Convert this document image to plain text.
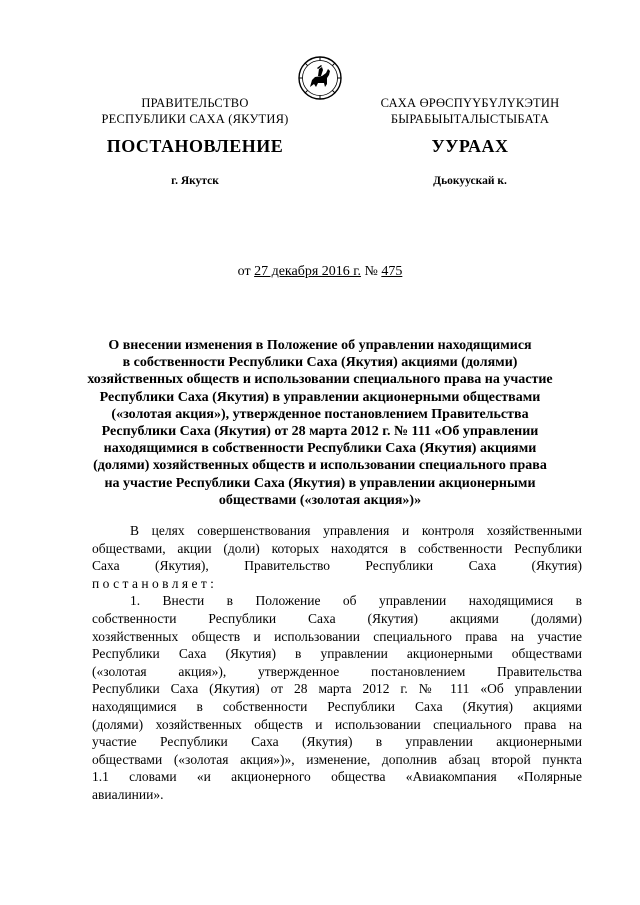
ПРАВИТЕЛЬСТВО
РЕСПУБЛИКИ САХА (ЯКУТИЯ)
ПОСТАНОВЛЕНИЕ
г. Якутск
САХА ӨРӨСПҮҮБҮЛҮКЭТИН
БЫРАБЫЫТАЛЫСТЫБАТА
УУРААХ
Дьокуускай к.
от 27 декабря 2016 г. № 475
О внесении изменения в Положение об управлении находящимися
в собственности Республики Саха (Якутия) акциями (долями)
хозяйственных обществ и использовании специального права на участие
Республики Саха (Якутия) в управлении акционерными обществами
(«золотая акция»), утвержденное постановлением Правительства
Республики Саха (Якутия) от 28 марта 2012 г. № 111 «Об управлении
находящимися в собственности Республики Саха (Якутия) акциями
(долями) хозяйственных обществ и использовании специального права
на участие Республики Саха (Якутия) в управлении акционерными
обществами («золотая акция»)»

В целях совершенствования управления и контроля хозяйственными

обществами, акции (доли) которых находятся в собственности Республики

Саха (Якутия), Правительство Республики Саха (Якутия)

постановляет:

1. Внести в Положение об управлении находящимися в

собственности Республики Саха (Якутия) акциями (долями)

хозяйственных обществ и использовании специального права на участие

Республики Саха (Якутия) в управлении акционерными обществами

(«золотая акция»), утвержденное постановлением Правительства

Республики Саха (Якутия) от 28 марта 2012 г. № 111 «Об управлении

находящимися в собственности Республики Саха (Якутия) акциями

(долями) хозяйственных обществ и использовании специального права на

участие Республики Саха (Якутия) в управлении акционерными

обществами («золотая акция»)», изменение, дополнив абзац второй пункта

1.1 словами «и акционерного общества «Авиакомпания «Полярные

авиалинии».
